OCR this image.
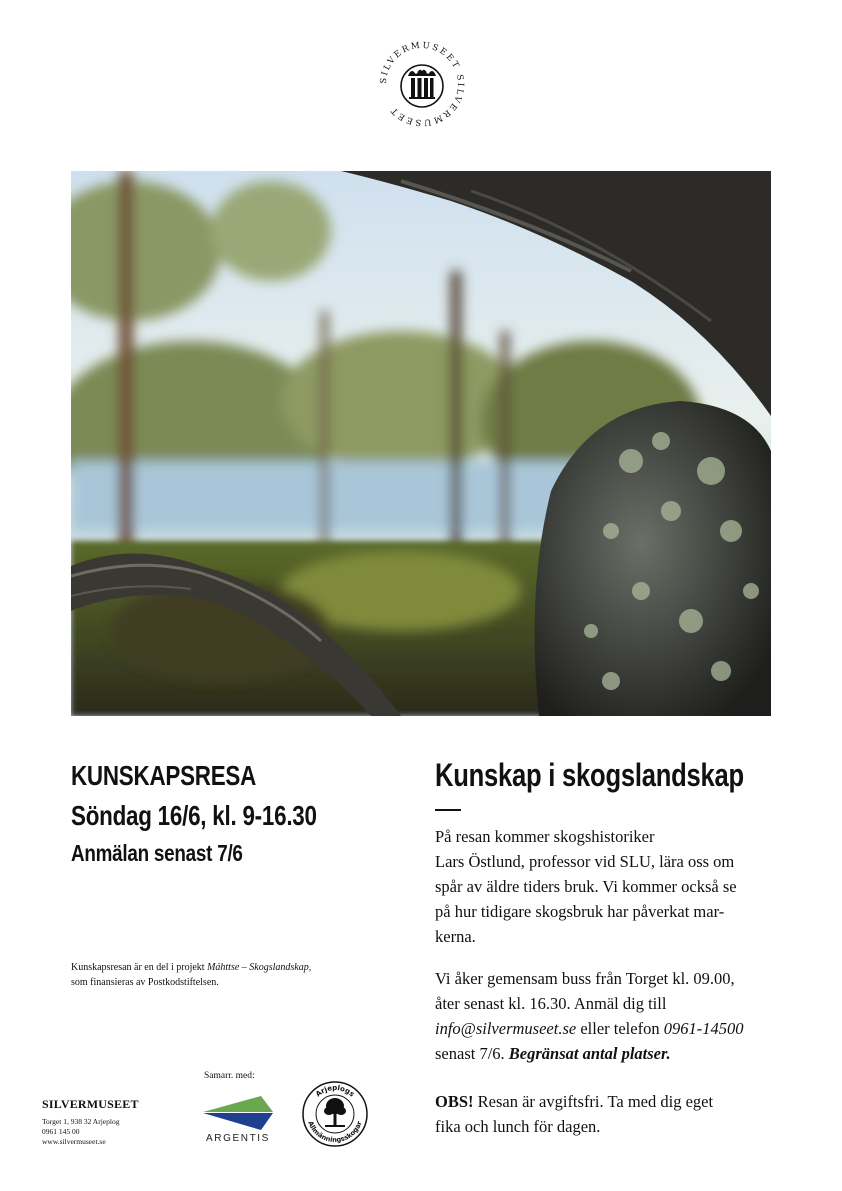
SILVERMUSEET SILVERMUSEET
KUNSKAPSRESA
Söndag 16/6, kl. 9-16.30
Anmälan senast 7/6
Kunskapsresan är en del i projekt Máhttse – Skogslandskap,
som finansieras av Postkodstiftelsen.
Kunskap i skogslandskap
På resan kommer skogshistoriker
Lars Östlund, professor vid SLU, lära oss om
spår av äldre tiders bruk. Vi kommer också se
på hur tidigare skogsbruk har påverkat mar-
kerna.
Vi åker gemensam buss från Torget kl. 09.00,
åter senast kl. 16.30. Anmäl dig till
info@silvermuseet.se eller telefon 0961-14500
senast 7/6. Begränsat antal platser.
OBS! Resan är avgiftsfri. Ta med dig eget
fika och lunch för dagen.
SILVERMUSEET
Torget 1, 938 32 Arjeplog
0961 145 00
www.silvermuseet.se
Samarr. med:
ARGENTIS
Arjeplogs
Allmänningsskogar
